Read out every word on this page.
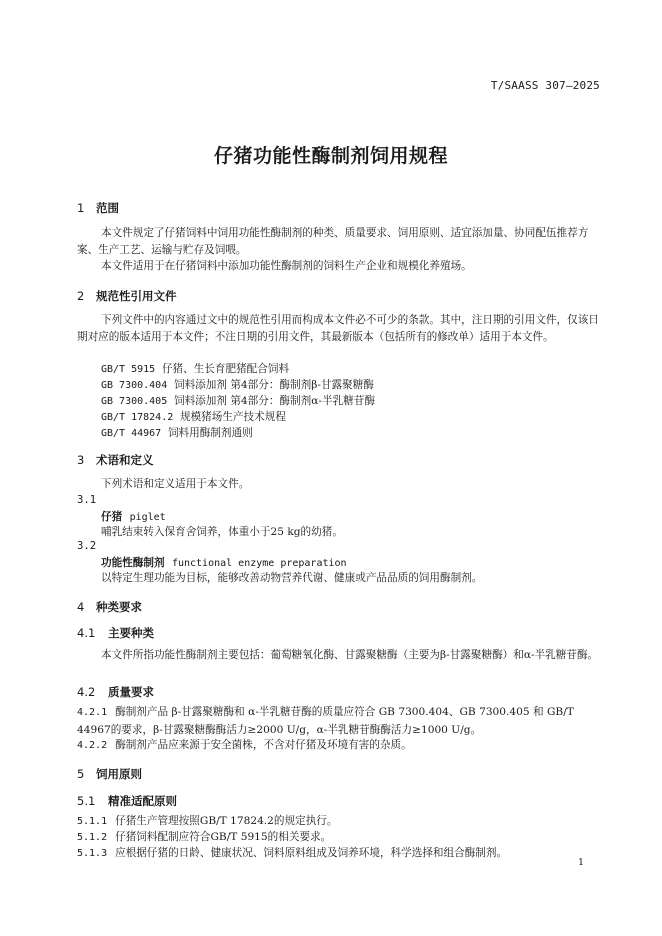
T/SAASS 307—2025
仔猪功能性酶制剂饲用规程
1 范围
本文件规定了仔猪饲料中饲用功能性酶制剂的种类、质量要求、饲用原则、适宜添加量、协同配伍推荐方案、生产工艺、运输与贮存及饲喂。
本文件适用于在仔猪饲料中添加功能性酶制剂的饲料生产企业和规模化养殖场。
2 规范性引用文件
下列文件中的内容通过文中的规范性引用而构成本文件必不可少的条款。其中，注日期的引用文件，仅该日期对应的版本适用于本文件；不注日期的引用文件，其最新版本（包括所有的修改单）适用于本文件。
GB/T 5915 仔猪、生长育肥猪配合饲料
GB 7300.404 饲料添加剂 第4部分：酶制剂β-甘露聚糖酶
GB 7300.405 饲料添加剂 第4部分：酶制剂α-半乳糖苷酶
GB/T 17824.2 规模猪场生产技术规程
GB/T 44967 饲料用酶制剂通则
3 术语和定义
下列术语和定义适用于本文件。
3.1
仔猪 piglet
哺乳结束转入保育舍饲养，体重小于25 kg的幼猪。
3.2
功能性酶制剂 functional enzyme preparation
以特定生理功能为目标，能够改善动物营养代谢、健康或产品品质的饲用酶制剂。
4 种类要求
4.1 主要种类
本文件所指功能性酶制剂主要包括：葡萄糖氧化酶、甘露聚糖酶（主要为β-甘露聚糖酶）和α-半乳糖苷酶。
4.2 质量要求
4.2.1 酶制剂产品 β-甘露聚糖酶和 α-半乳糖苷酶的质量应符合 GB 7300.404、GB 7300.405 和 GB/T 44967的要求，β-甘露聚糖酶酶活力≥2000 U/g，α-半乳糖苷酶酶活力≥1000 U/g。
4.2.2 酶制剂产品应来源于安全菌株，不含对仔猪及环境有害的杂质。
5 饲用原则
5.1 精准适配原则
5.1.1 仔猪生产管理按照GB/T 17824.2的规定执行。
5.1.2 仔猪饲料配制应符合GB/T 5915的相关要求。
5.1.3 应根据仔猪的日龄、健康状况、饲料原料组成及饲养环境，科学选择和组合酶制剂。
1
